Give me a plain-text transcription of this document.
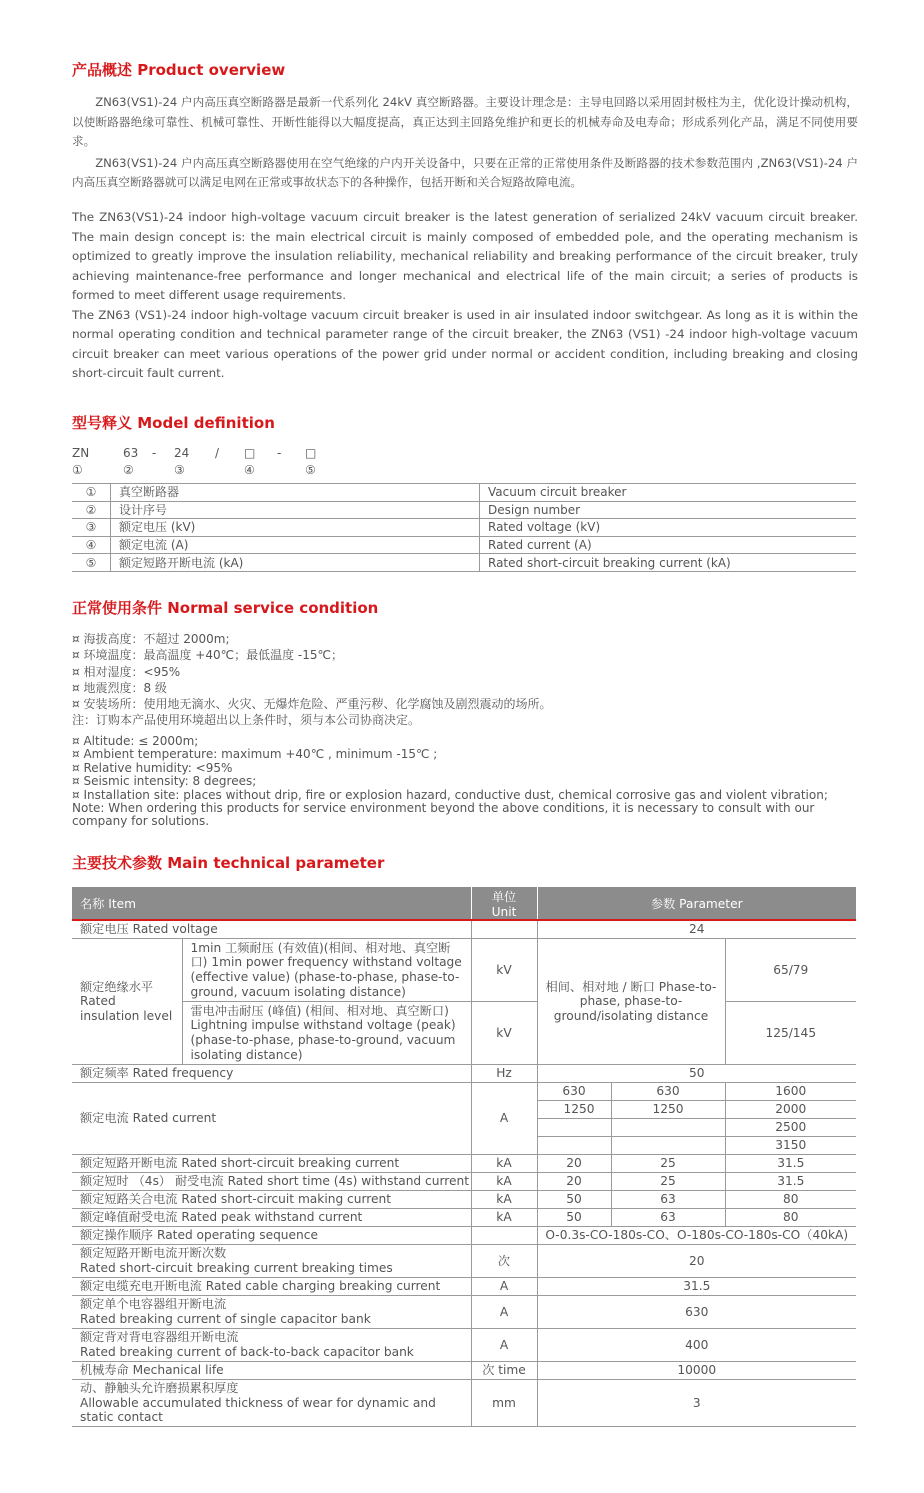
产品概述 Product overview

ZN63(VS1)-24 户内高压真空断路器是最新一代系列化 24kV 真空断路器。主要设计理念是：主导电回路以采用固封极柱为主，优化设计操动机构，以使断路器绝缘可靠性、机械可靠性、开断性能得以大幅度提高，真正达到主回路免维护和更长的机械寿命及电寿命；形成系列化产品，满足不同使用要求。

ZN63(VS1)-24 户内高压真空断路器使用在空气绝缘的户内开关设备中，只要在正常的正常使用条件及断路器的技术参数范围内 ,ZN63(VS1)-24 户内高压真空断路器就可以满足电网在正常或事故状态下的各种操作，包括开断和关合短路故障电流。

The ZN63(VS1)-24 indoor high-voltage vacuum circuit breaker is the latest generation of serialized 24kV vacuum circuit breaker. The main design concept is: the main electrical circuit is mainly composed of embedded pole, and the operating mechanism is optimized to greatly improve the insulation reliability, mechanical reliability and breaking performance of the circuit breaker, truly achieving maintenance-free performance and longer mechanical and electrical life of the main circuit; a series of products is formed to meet different usage requirements.

The ZN63 (VS1)-24 indoor high-voltage vacuum circuit breaker is used in air insulated indoor switchgear. As long as it is within the normal operating condition and technical parameter range of the circuit breaker, the ZN63 (VS1) -24 indoor high-voltage vacuum circuit breaker can meet various operations of the power grid under normal or accident condition, including breaking and closing short-circuit fault current.

型号释义 Model definition
ZN	63 - 24 / □ - □
①	②	③	④	⑤
①	真空断路器	Vacuum circuit breaker
②	设计序号	Design number
③	额定电压 (kV)	Rated voltage (kV)
④	额定电流 (A)	Rated current (A)
⑤	额定短路开断电流 (kA)	Rated short-circuit breaking current (kA)
正常使用条件 Normal service condition
¤ 海拔高度：不超过 2000m;
¤ 环境温度：最高温度 +40℃；最低温度 -15℃；
¤ 相对湿度：<95%
¤ 地震烈度：8 级
¤ 安装场所：使用地无滴水、火灾、无爆炸危险、严重污秽、化学腐蚀及剧烈震动的场所。
注：订购本产品使用环境超出以上条件时，须与本公司协商决定。
¤ Altitude: ≤ 2000m;
¤ Ambient temperature: maximum +40℃ , minimum -15℃ ;
¤ Relative humidity: <95%
¤ Seismic intensity: 8 degrees;
¤ Installation site: places without drip, fire or explosion hazard, conductive dust, chemical corrosive gas and violent vibration;
Note: When ordering this products for service environment beyond the above conditions, it is necessary to consult with our company for solutions.
主要技术参数 Main technical parameter
名称 Item		单位 Unit	参数 Parameter		
额定电压 Rated voltage			24		
额定绝缘水平 Rated insulation level	1min 工频耐压 (有效值)(相间、相对地、真空断口) 1min power frequency withstand voltage (effective value) (phase-to-phase, phase-to-ground, vacuum isolating distance)	kV	相间、相对地 / 断口 Phase-to-phase, phase-to-ground/isolating distance		65/79
	雷电冲击耐压 (峰值) (相间、相对地、真空断口) Lightning impulse withstand voltage (peak) (phase-to-phase, phase-to-ground, vacuum isolating distance)	kV			125/145
额定频率 Rated frequency		Hz	50		
额定电流 Rated current		A	630	630	1600
			1250	1250	2000
					2500
					3150
额定短路开断电流 Rated short-circuit breaking current		kA	20	25	31.5
额定短时 （4s） 耐受电流 Rated short time (4s) withstand current		kA	20	25	31.5
额定短路关合电流 Rated short-circuit making current		kA	50	63	80
额定峰值耐受电流 Rated peak withstand current		kA	50	63	80
额定操作顺序 Rated operating sequence			O-0.3s-CO-180s-CO、O-180s-CO-180s-CO（40kA)		

额定短路开断电流开断次数
Rated short-circuit breaking current breaking times		次	20		
额定电缆充电开断电流 Rated cable charging breaking current		A	31.5		

额定单个电容器组开断电流
Rated breaking current of single capacitor bank		A	630		

额定背对背电容器组开断电流
Rated breaking current of back-to-back capacitor bank		A	400		
机械寿命 Mechanical life		次 time	10000		

动、静触头允许磨损累积厚度
Allowable accumulated thickness of wear for dynamic and static contact		mm	3		
